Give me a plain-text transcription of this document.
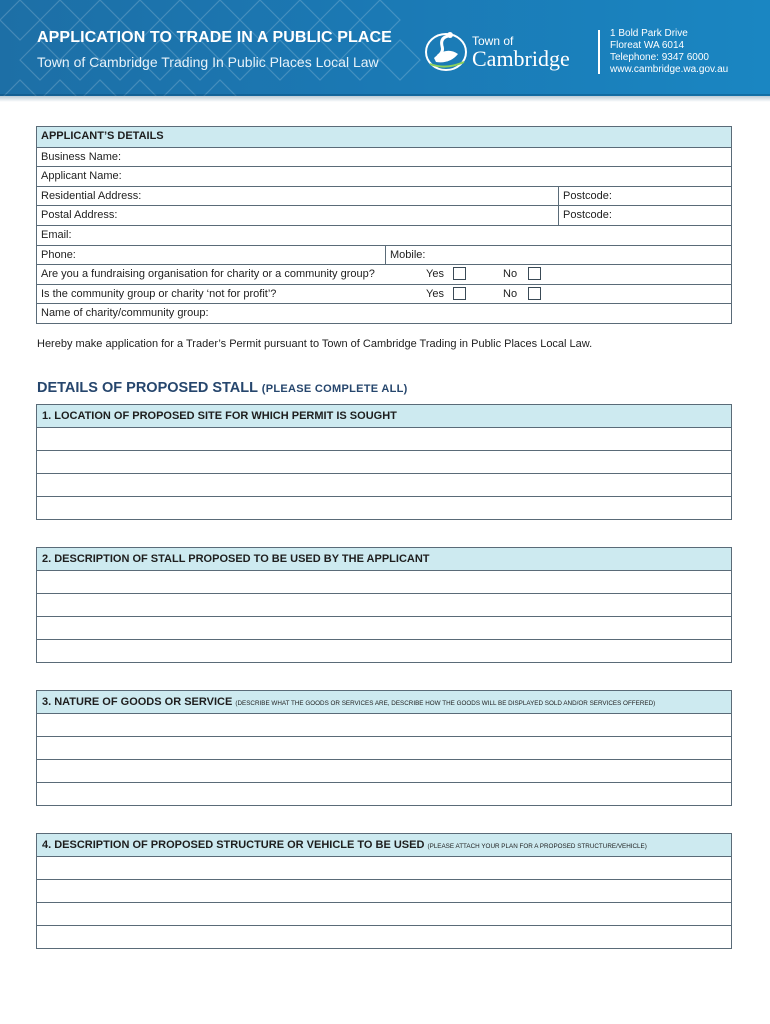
APPLICATION TO TRADE IN A PUBLIC PLACE
Town of Cambridge Trading In Public Places Local Law
Town of
Cambridge
1 Bold Park Drive
Floreat WA 6014
Telephone: 9347 6000
www.cambridge.wa.gov.au
APPLICANT’S DETAILS
Business Name:
Applicant Name:
Residential Address:	Postcode:
Postal Address:	Postcode:
Email:
Phone:	Mobile:
Are you a fundraising organisation for charity or a community group?	Yes	No
Is the community group or charity ‘not for profit’?	Yes	No
Name of charity/community group:
Hereby make application for a Trader’s Permit pursuant to Town of Cambridge Trading in Public Places Local Law.
DETAILS OF PROPOSED STALL (PLEASE COMPLETE ALL)
1. LOCATION OF PROPOSED SITE FOR WHICH PERMIT IS SOUGHT
2. DESCRIPTION OF STALL PROPOSED TO BE USED BY THE APPLICANT
3. NATURE OF GOODS OR SERVICE (DESCRIBE WHAT THE GOODS OR SERVICES ARE, DESCRIBE HOW THE GOODS WILL BE DISPLAYED SOLD AND/OR SERVICES OFFERED)
4. DESCRIPTION OF PROPOSED STRUCTURE OR VEHICLE TO BE USED (PLEASE ATTACH YOUR PLAN FOR A PROPOSED STRUCTURE/VEHICLE)
